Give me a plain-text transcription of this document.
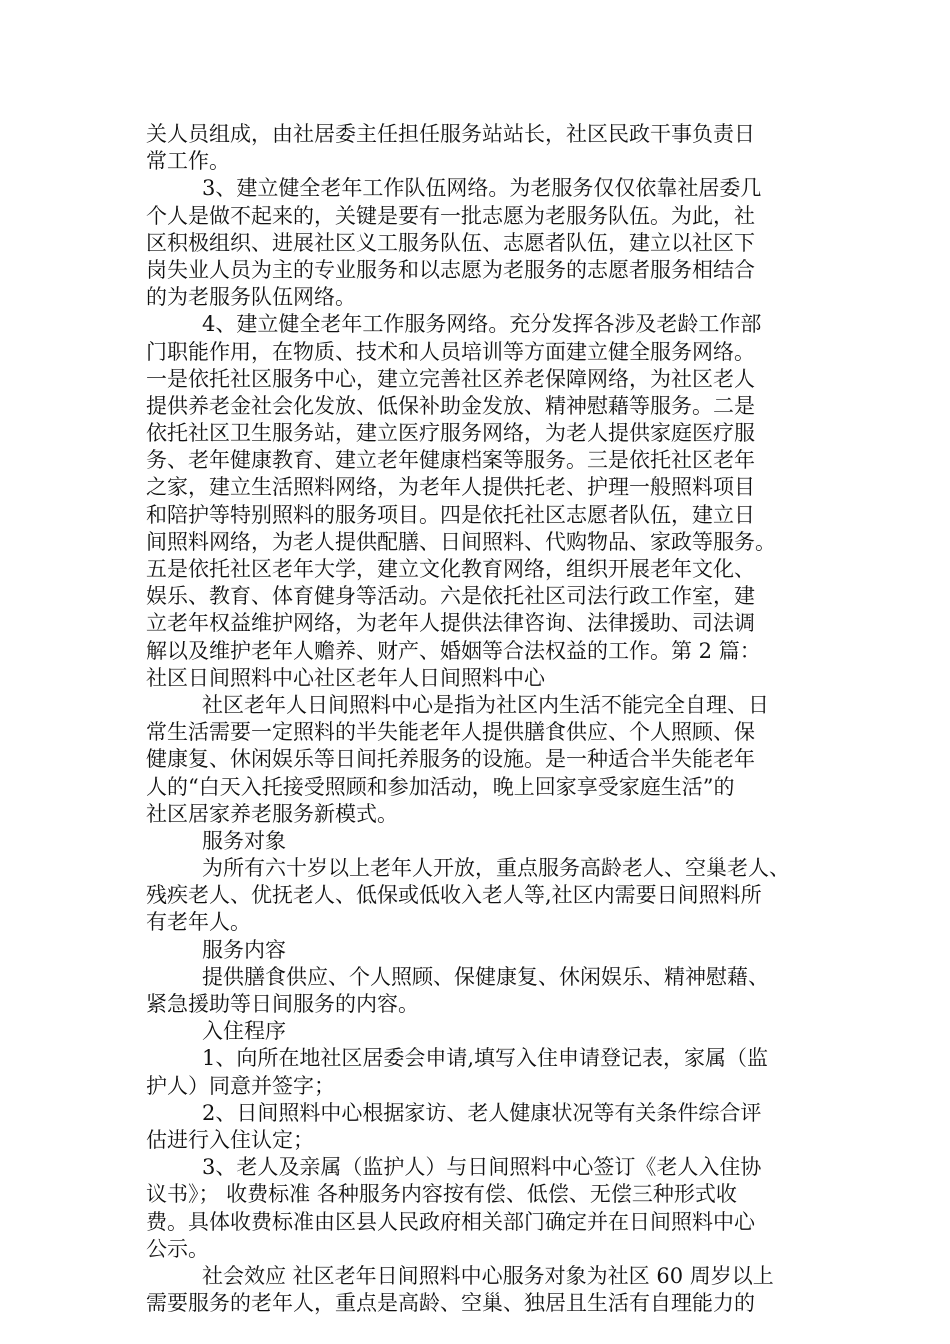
关人员组成，由社居委主任担任服务站站长，社区民政干事负责日
常工作。
3、建立健全老年工作队伍网络。为老服务仅仅依靠社居委几
个人是做不起来的，关键是要有一批志愿为老服务队伍。为此，社
区积极组织、进展社区义工服务队伍、志愿者队伍，建立以社区下
岗失业人员为主的专业服务和以志愿为老服务的志愿者服务相结合
的为老服务队伍网络。
4、建立健全老年工作服务网络。充分发挥各涉及老龄工作部
门职能作用，在物质、技术和人员培训等方面建立健全服务网络。
一是依托社区服务中心，建立完善社区养老保障网络，为社区老人
提供养老金社会化发放、低保补助金发放、精神慰藉等服务。二是
依托社区卫生服务站，建立医疗服务网络，为老人提供家庭医疗服
务、老年健康教育、建立老年健康档案等服务。三是依托社区老年
之家，建立生活照料网络，为老年人提供托老、护理一般照料项目
和陪护等特别照料的服务项目。四是依托社区志愿者队伍，建立日
间照料网络，为老人提供配膳、日间照料、代购物品、家政等服务。
五是依托社区老年大学，建立文化教育网络，组织开展老年文化、
娱乐、教育、体育健身等活动。六是依托社区司法行政工作室，建
立老年权益维护网络，为老年人提供法律咨询、法律援助、司法调
解以及维护老年人赡养、财产、婚姻等合法权益的工作。第 2 篇：
社区日间照料中心社区老年人日间照料中心
社区老年人日间照料中心是指为社区内生活不能完全自理、日
常生活需要一定照料的半失能老年人提供膳食供应、个人照顾、保
健康复、休闲娱乐等日间托养服务的设施。是一种适合半失能老年
人的“白天入托接受照顾和参加活动，晚上回家享受家庭生活”的
社区居家养老服务新模式。
服务对象
为所有六十岁以上老年人开放，重点服务高龄老人、空巢老人、
残疾老人、优抚老人、低保或低收入老人等,社区内需要日间照料所
有老年人。
服务内容
提供膳食供应、个人照顾、保健康复、休闲娱乐、精神慰藉、
紧急援助等日间服务的内容。
入住程序
1、向所在地社区居委会申请,填写入住申请登记表，家属（监
护人）同意并签字；
2、日间照料中心根据家访、老人健康状况等有关条件综合评
估进行入住认定；
3、老人及亲属（监护人）与日间照料中心签订《老人入住协
议书》； 收费标准 各种服务内容按有偿、低偿、无偿三种形式收
费。具体收费标准由区县人民政府相关部门确定并在日间照料中心
公示。
社会效应 社区老年日间照料中心服务对象为社区 60 周岁以上
需要服务的老年人，重点是高龄、空巢、独居且生活有自理能力的
